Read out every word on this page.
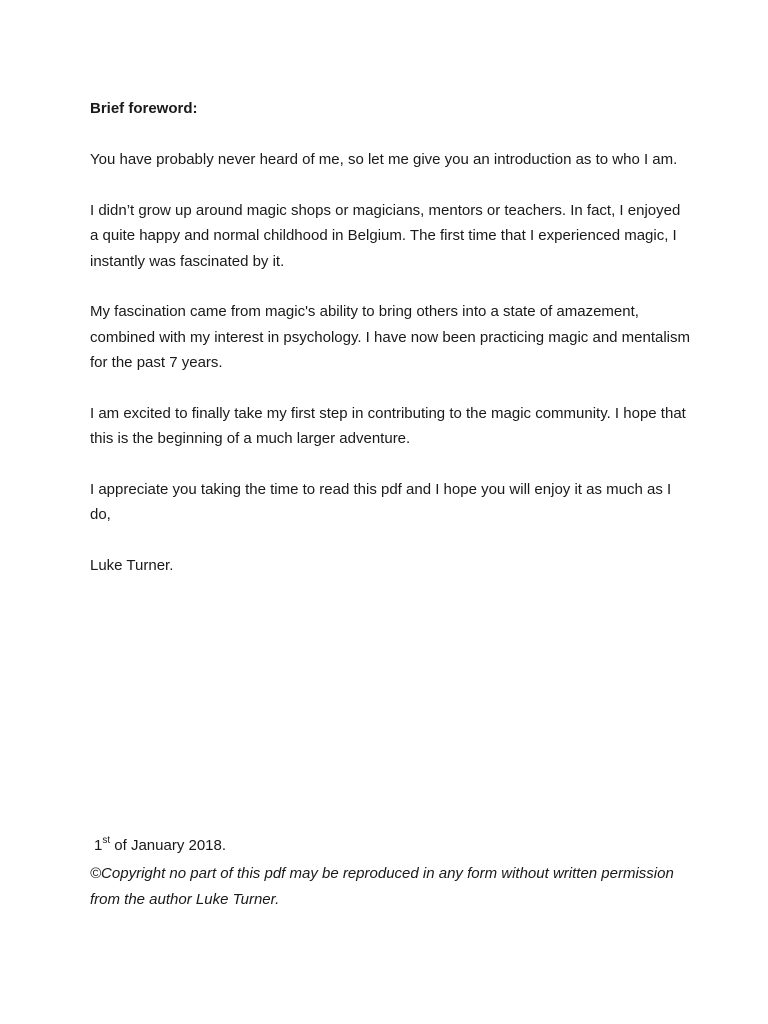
Brief foreword:

You have probably never heard of me, so let me give you an introduction as to who I am.

I didn’t grow up around magic shops or magicians, mentors or teachers. In fact, I enjoyed a quite happy and normal childhood in Belgium. The first time that I experienced magic, I instantly was fascinated by it.

My fascination came from magic's ability to bring others into a state of amazement, combined with my interest in psychology. I have now been practicing magic and mentalism for the past 7 years.

I am excited to finally take my first step in contributing to the magic community. I hope that this is the beginning of a much larger adventure.

I appreciate you taking the time to read this pdf and I hope you will enjoy it as much as I do,

Luke Turner.

1st of January 2018.

©Copyright no part of this pdf may be reproduced in any form without written permission from the author Luke Turner.
